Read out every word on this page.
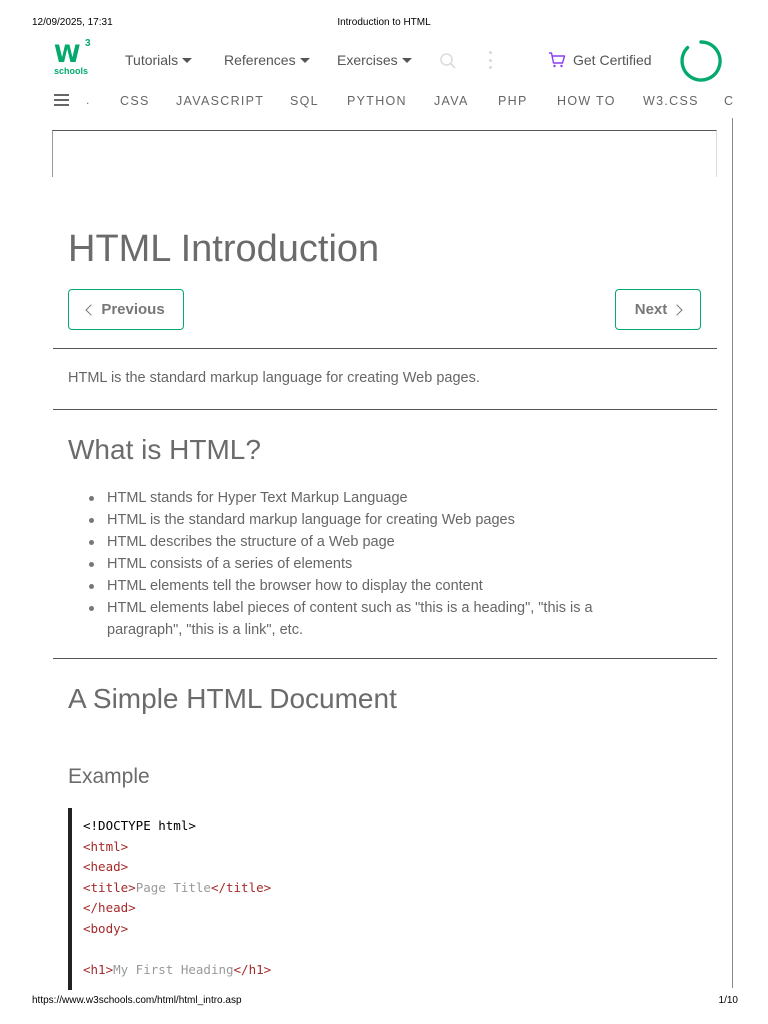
12/09/2025, 17:31	Introduction to HTML
https://www.w3schools.com/html/html_intro.asp	1/10
W 3
schools
Tutorials	References	Exercises	Get Certified
. CSS JAVASCRIPT SQL PYTHON JAVA PHP HOW TO W3.CSS C
HTML Introduction
Previous	Next

HTML is the standard markup language for creating Web pages.

What is HTML?
HTML stands for Hyper Text Markup Language
HTML is the standard markup language for creating Web pages
HTML describes the structure of a Web page
HTML consists of a series of elements
HTML elements tell the browser how to display the content
HTML elements label pieces of content such as "this is a heading", "this is a paragraph", "this is a link", etc.
A Simple HTML Document
Example
<!DOCTYPE html>
<html>
<head>
<title>Page Title</title>
</head>
<body>
<h1>My First Heading</h1>
